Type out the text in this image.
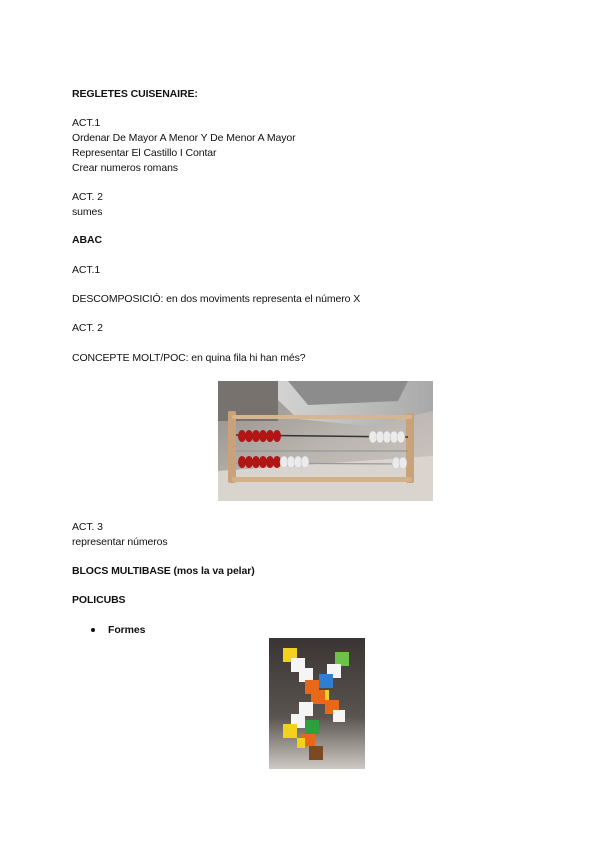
REGLETES CUISENAIRE:
ACT.1
Ordenar De Mayor A Menor Y De Menor A Mayor
Representar El Castillo I Contar
Crear numeros romans
ACT. 2
sumes
ABAC
ACT.1
DESCOMPOSICIÓ: en dos moviments representa el número X
ACT. 2
CONCEPTE MOLT/POC: en quina fila hi han més?
ACT. 3
representar números
BLOCS MULTIBASE (mos la va pelar)
POLICUBS
Formes
